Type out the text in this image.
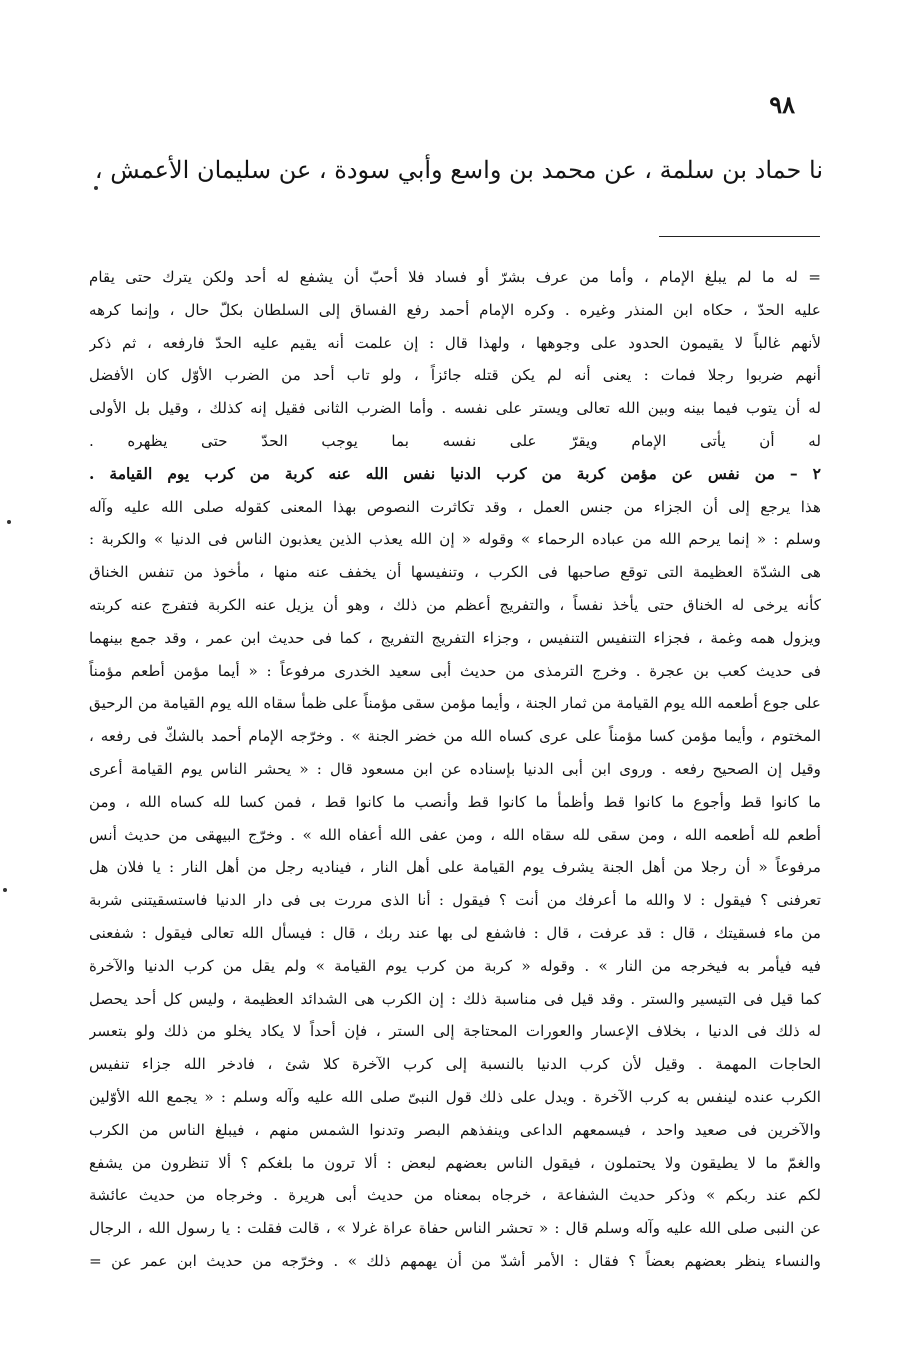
٩٨
نا حماد بن سلمة ، عن محمد بن واسع وأبي سودة ، عن سليمان الأعمش ،
= له ما لم يبلغ الإمام ، وأما من عرف بشرّ أو فساد فلا أحبّ أن يشفع له أحد ولكن يترك حتى يقام
عليه الحدّ ، حكاه ابن المنذر وغيره . وكره الإمام أحمد رفع الفساق إلى السلطان بكلّ حال ، وإنما كرهه
لأنهم غالباً لا يقيمون الحدود على وجوهها ، ولهذا قال : إن علمت أنه يقيم عليه الحدّ فارفعه ، ثم ذكر
أنهم ضربوا رجلا فمات : يعنى أنه لم يكن قتله جائزاً ، ولو تاب أحد من الضرب الأوّل كان الأفضل
له أن يتوب فيما بينه وبين الله تعالى ويستر على نفسه . وأما الضرب الثانى فقيل إنه كذلك ، وقيل بل الأولى
له أن يأتى الإمام ويقرّ على نفسه بما يوجب الحدّ حتى يظهره .
٢ – من نفس عن مؤمن كربة من كرب الدنيا نفس الله عنه كربة من كرب يوم القيامة .
هذا يرجع إلى أن الجزاء من جنس العمل ، وقد تكاثرت النصوص بهذا المعنى كقوله صلى الله عليه وآله
وسلم : « إنما يرحم الله من عباده الرحماء » وقوله « إن الله يعذب الذين يعذبون الناس فى الدنيا » والكربة :
هى الشدّة العظيمة التى توقع صاحبها فى الكرب ، وتنفيسها أن يخفف عنه منها ، مأخوذ من تنفس الخناق
كأنه يرخى له الخناق حتى يأخذ نفساً ، والتفريج أعظم من ذلك ، وهو أن يزيل عنه الكربة فتفرج عنه كربته
ويزول همه وغمة ، فجزاء التنفيس التنفيس ، وجزاء التفريج التفريج ، كما فى حديث ابن عمر ، وقد جمع بينهما
فى حديث كعب بن عجرة . وخرج الترمذى من حديث أبى سعيد الخدرى مرفوعاً : « أيما مؤمن أطعم مؤمناً
على جوع أطعمه الله يوم القيامة من ثمار الجنة ، وأيما مؤمن سقى مؤمناً على ظمأ سقاه الله يوم القيامة من الرحيق
المختوم ، وأيما مؤمن كسا مؤمناً على عرى كساه الله من خضر الجنة » . وخرّجه الإمام أحمد بالشكّ فى رفعه ،
وقيل إن الصحيح رفعه . وروى ابن أبى الدنيا بإسناده عن ابن مسعود قال : « يحشر الناس يوم القيامة أعرى
ما كانوا قط وأجوع ما كانوا قط وأظمأ ما كانوا قط وأنصب ما كانوا قط ، فمن كسا لله كساه الله ، ومن
أطعم لله أطعمه الله ، ومن سقى لله سقاه الله ، ومن عفى الله أعفاه الله » . وخرّج البيهقى من حديث أنس
مرفوعاً « أن رجلا من أهل الجنة يشرف يوم القيامة على أهل النار ، فيناديه رجل من أهل النار : يا فلان هل
تعرفنى ؟ فيقول : لا والله ما أعرفك من أنت ؟ فيقول : أنا الذى مررت بى فى دار الدنيا فاستسقيتنى شربة
من ماء فسقيتك ، قال : قد عرفت ، قال : فاشفع لى بها عند ربك ، قال : فيسأل الله تعالى فيقول : شفعنى
فيه فيأمر به فيخرجه من النار » . وقوله « كربة من كرب يوم القيامة » ولم يقل من كرب الدنيا والآخرة
كما قيل فى التيسير والستر . وقد قيل فى مناسبة ذلك : إن الكرب هى الشدائد العظيمة ، وليس كل أحد يحصل
له ذلك فى الدنيا ، بخلاف الإعسار والعورات المحتاجة إلى الستر ، فإن أحداً لا يكاد يخلو من ذلك ولو بتعسر
الحاجات المهمة . وقيل لأن كرب الدنيا بالنسبة إلى كرب الآخرة كلا شئ ، فادخر الله جزاء تنفيس
الكرب عنده لينفس به كرب الآخرة . ويدل على ذلك قول النبىّ صلى الله عليه وآله وسلم : « يجمع الله الأوّلين
والآخرين فى صعيد واحد ، فيسمعهم الداعى وينفذهم البصر وتدنوا الشمس منهم ، فيبلغ الناس من الكرب
والغمّ ما لا يطيقون ولا يحتملون ، فيقول الناس بعضهم لبعض : ألا ترون ما بلغكم ؟ ألا تنظرون من يشفع
لكم عند ربكم » وذكر حديث الشفاعة ، خرجاه بمعناه من حديث أبى هريرة . وخرجاه من حديث عائشة
عن النبى صلى الله عليه وآله وسلم قال : « تحشر الناس حفاة عراة غرلا » ، قالت فقلت : يا رسول الله ، الرجال
والنساء ينظر بعضهم بعضاً ؟ فقال : الأمر أشدّ من أن يهمهم ذلك » . وخرّجه من حديث ابن عمر عن =
